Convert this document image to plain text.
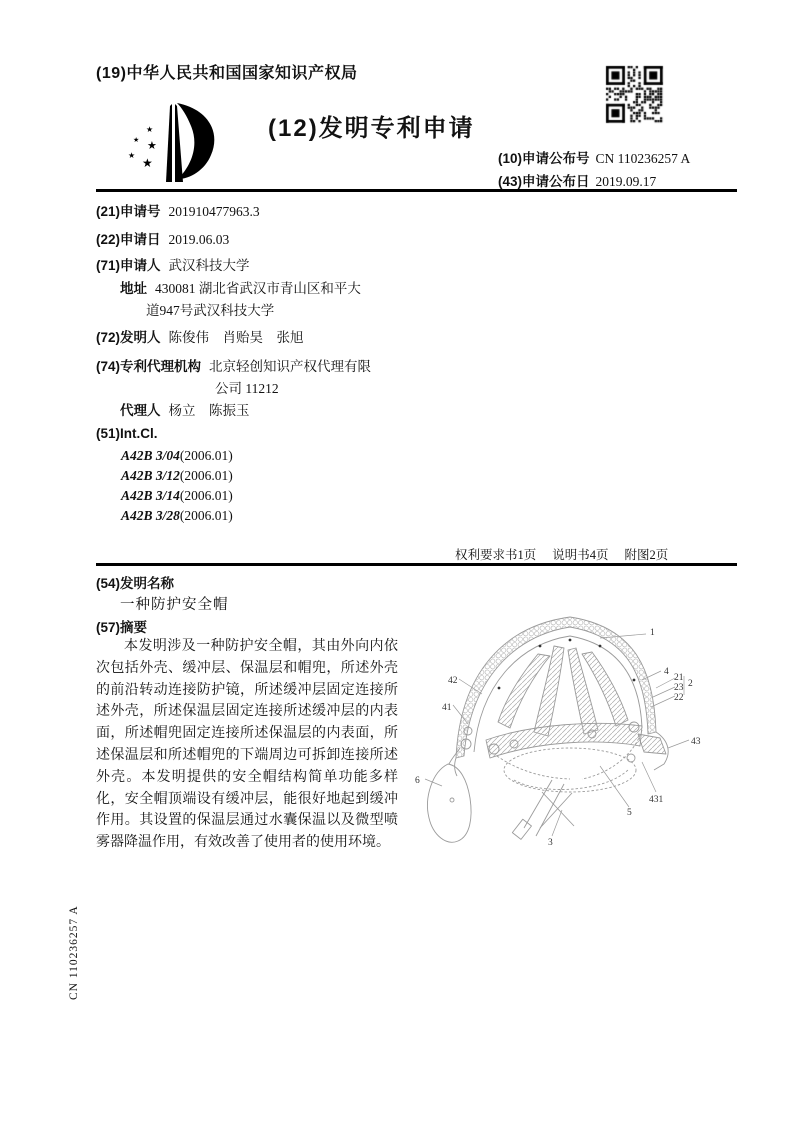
(19)中华人民共和国国家知识产权局
★
★ ★
★
★
(12)发明专利申请
(10)申请公布号 CN 110236257 A
(43)申请公布日 2019.09.17
(21)申请号 201910477963.3
(22)申请日 2019.06.03
(71)申请人 武汉科技大学
地址 430081 湖北省武汉市青山区和平大
道947号武汉科技大学
(72)发明人 陈俊伟　肖贻昊　张旭
(74)专利代理机构 北京轻创知识产权代理有限
公司 11212
代理人 杨立　陈振玉
(51)Int.Cl.
A42B 3/04(2006.01)
A42B 3/12(2006.01)
A42B 3/14(2006.01)
A42B 3/28(2006.01)
权利要求书1页 说明书4页 附图2页
(54)发明名称
一种防护安全帽
(57)摘要
本发明涉及一种防护安全帽，其由外向内依次包括外壳、缓冲层、保温层和帽兜，所述外壳的前沿转动连接防护镜，所述缓冲层固定连接所述外壳，所述保温层固定连接所述缓冲层的内表面，所述帽兜固定连接所述保温层的内表面，所述保温层和所述帽兜的下端周边可拆卸连接所述外壳。本发明提供的安全帽结构简单功能多样化，安全帽顶端设有缓冲层，能很好地起到缓冲作用。其设置的保温层通过水囊保温以及微型喷雾器降温作用，有效改善了使用者的使用环境。
1
4
21
2
23
22
42
41
43
431
6
5
3
CN 110236257 A
